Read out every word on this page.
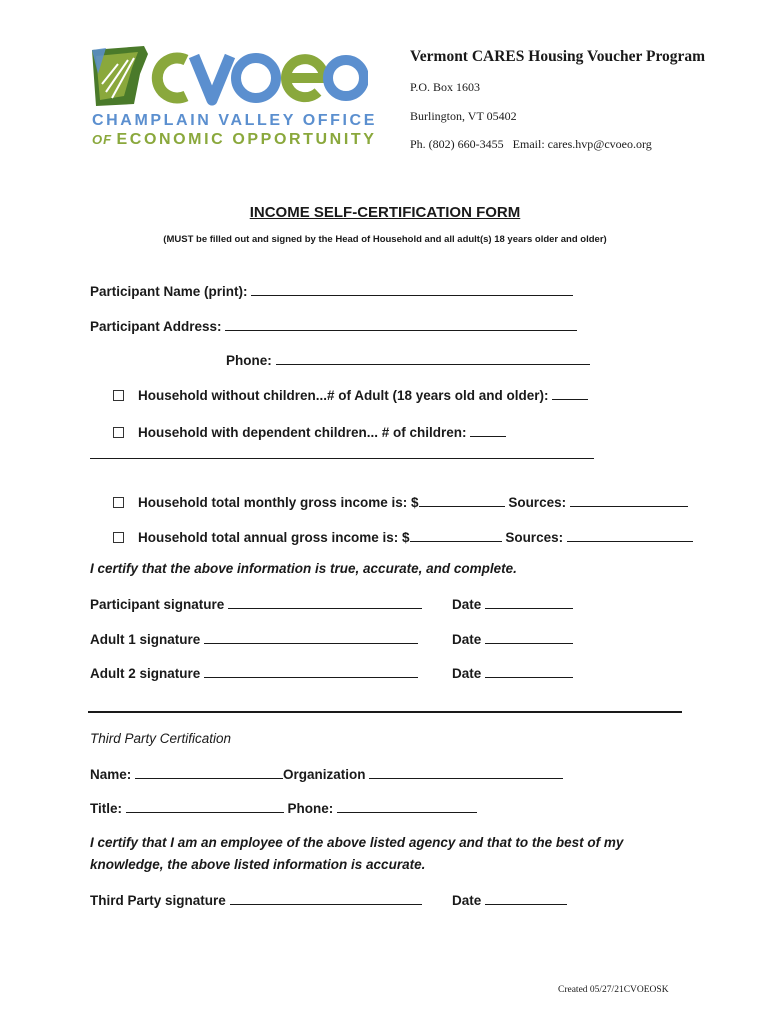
CHAMPLAIN VALLEY OFFICE
OF ECONOMIC OPPORTUNITY
Vermont CARES Housing Voucher Program
P.O. Box 1603
Burlington, VT 05402
Ph. (802) 660-3455   Email: cares.hvp@cvoeo.org
INCOME SELF-CERTIFICATION FORM
(MUST be filled out and signed by the Head of Household and all adult(s) 18 years older and older)
Participant Name (print):
Participant Address:
Phone:
Household without children...# of Adult (18 years old and older):
Household with dependent children... # of children:
Household total monthly gross income is: $	Sources:
Household total annual gross income is: $	Sources:
I certify that the above information is true, accurate, and complete.
Participant signature	Date
Adult 1 signature	Date
Adult 2 signature	Date
Third Party Certification
Name:	Organization
Title:	Phone:
I certify that I am an employee of the above listed agency and that to the best of my
knowledge, the above listed information is accurate.
Third Party signature	Date
Created 05/27/21CVOEOSK
